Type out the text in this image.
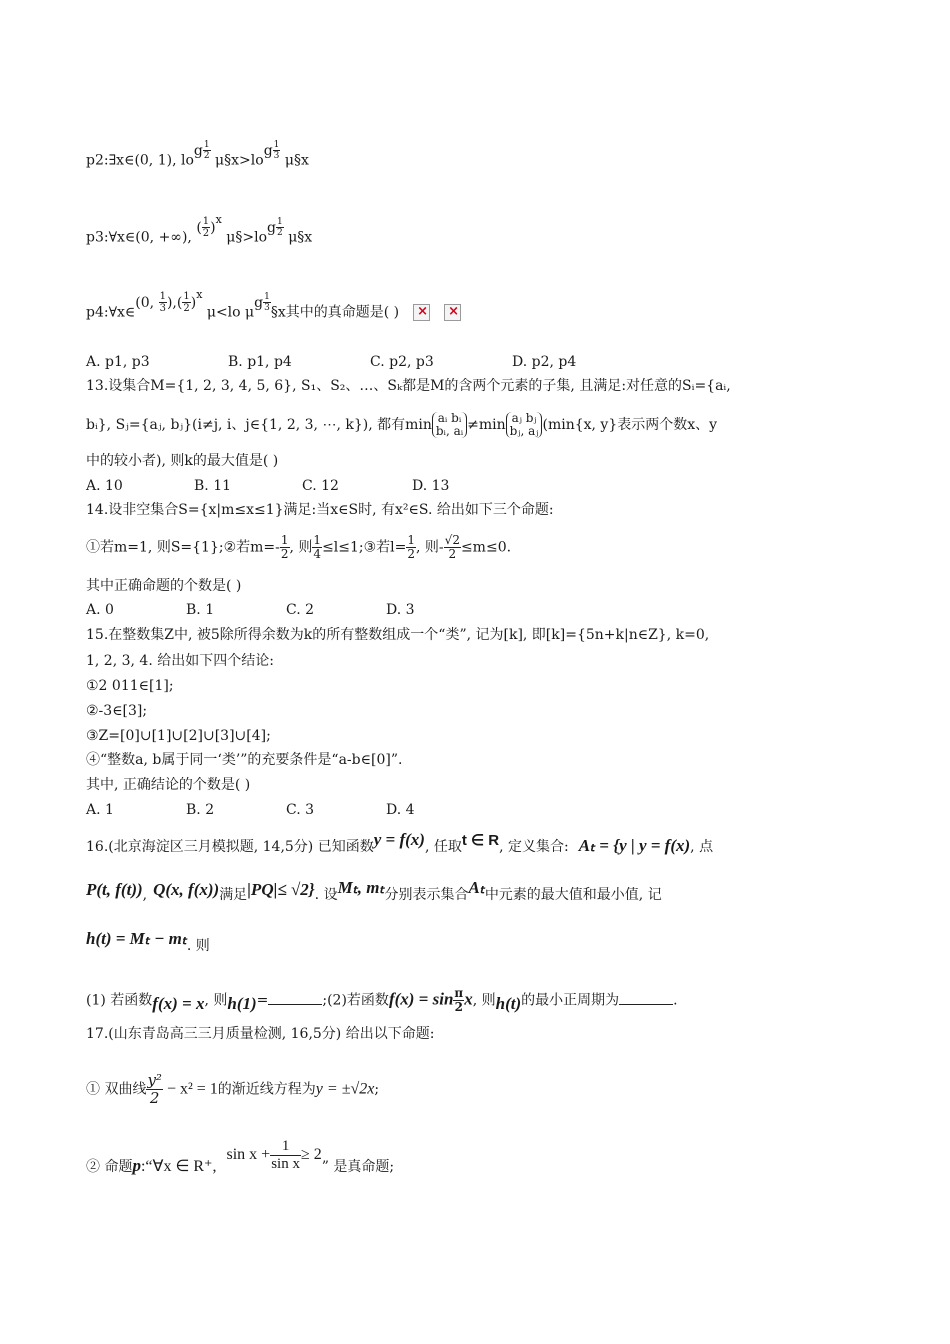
p2:∃x∈(0, 1), $\log \frac{1}{2}$ μ§x>log $\frac{1}{3}$ μ§x
p3:∀x∈(0, +∞), ( $\frac{1}{2} )^x$ μ§>log $\frac{1}{2}$ μ§x
p4:∀x∈(0, $\frac{1}{3}$ ),( $\frac{1}{2} )^x$ μ<lo μg $\frac{1}{3}$ §x其中的真命题是( )××
A. p1, p3	B. p1, p4	C. p2, p3	D. p2, p4
13.设集合M={1, 2, 3, 4, 5, 6}, S₁、S₂、…、Sₖ都是M的含两个元素的子集, 且满足:对任意的Sᵢ={aᵢ,
bᵢ}, Sⱼ={aⱼ, bⱼ}(i≠j, i、j∈{1, 2, 3, ⋯, k}), 都有min aᵢ bᵢ
bᵢ, aᵢ ≠min aⱼ bⱼ
bⱼ, aⱼ (min{x, y}表示两个数x、y
中的较小者), 则k的最大值是( )
A. 10	B. 11	C. 12	D. 13
14.设非空集合S={x|m≤x≤1}满足:当x∈S时, 有x²∈S. 给出如下三个命题:
①若m=1, 则S={1};②若$m=- \frac{1}{2}$ , 则 $\frac{1}{4}$ ≤l≤1;③若$l= \frac{1}{2}$ , 则- $\frac{√2}{2} \le m\le 0$.
其中正确命题的个数是( )
A. 0	B. 1	C. 2	D. 3
15.在整数集Z中, 被5除所得余数为k的所有整数组成一个“类”, 记为[k], 即[k]={5n+k|n∈Z}, k=0,
1, 2, 3, 4. 给出如下四个结论:
①2 011∈[1];
②-3∈[3];
③Z=[0]∪[1]∪[2]∪[3]∪[4];
④“整数a, b属于同一‘类’”的充要条件是“a-b∈[0]”.
其中, 正确结论的个数是( )
A. 1	B. 2	C. 3	D. 4
16.(北京海淀区三月模拟题, 14,5分) 已知函数y = f(x), 任取t ∈ R, 定义集合: Aₜ = {y | y = f(x), 点
P(t, f(t)), Q(x, f(x))满足|PQ|≤ √2}. 设Mₜ, mₜ分别表示集合Aₜ中元素的最大值和最小值, 记
h(t) = Mₜ − mₜ. 则
(1) 若函数f(x) = x, 则h(1)=	;(2)若函数$f(x) = \sin \frac{\pi}{2} x$, 则h(t)的最小正周期为	.
17.(山东青岛高三三月质量检测, 16,5分) 给出以下命题:
① 双曲线 $\frac{\text{y²}}{2} - x^2 = 1$的渐近线方程为y = ±√2x;
② 命题p:“∀x ∈ R⁺,sin $x + \frac{1}{\text{sin x}} \ge 2$” 是真命题;
